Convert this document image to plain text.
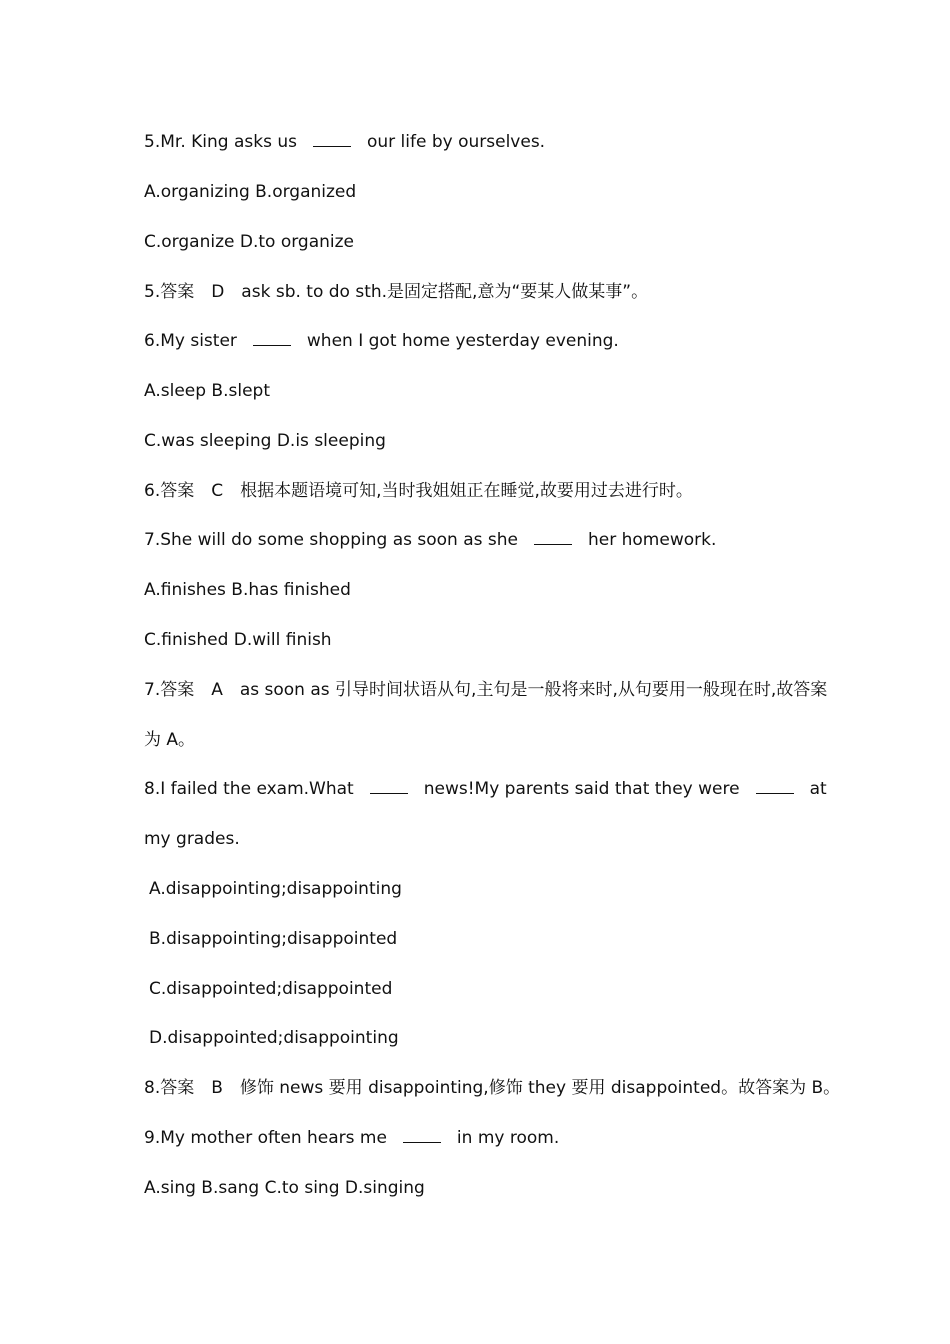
5.Mr. King asks us	our life by ourselves.
A.organizing B.organized
C.organize D.to organize
5.答案　D　ask sb. to do sth.是固定搭配,意为“要某人做某事”。
6.My sister	when I got home yesterday evening.
A.sleep B.slept
C.was sleeping D.is sleeping
6.答案　C　根据本题语境可知,当时我姐姐正在睡觉,故要用过去进行时。
7.She will do some shopping as soon as she	her homework.
A.finishes B.has finished
C.finished D.will finish
7.答案　A　as soon as 引导时间状语从句,主句是一般将来时,从句要用一般现在时,故答案
为 A。
8.I failed the exam.What	news!My parents said that they were	at
my grades.
A.disappointing;disappointing
B.disappointing;disappointed
C.disappointed;disappointed
D.disappointed;disappointing
8.答案　B　修饰 news 要用 disappointing,修饰 they 要用 disappointed。故答案为 B。
9.My mother often hears me	in my room.
A.sing B.sang C.to sing D.singing
